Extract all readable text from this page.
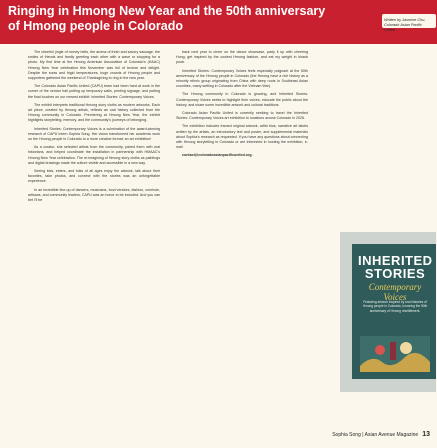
Ringing in Hmong New Year and the 50th anniversary of Hmong people in Colorado	Written by Jasmine Chu, Colorado Asian Pacific United

The cheerful jingle of money belts, the aroma of fresh and savory sausage, the smiles of friends and family greeting each other with a wave or stopping for a photo. My first time at the Hmong American Association of Colorado's (HAAC) Hmong New Year celebration this November was full of texture and delight. Despite the snow and frigid temperatures, huge crowds of Hmong people and supporters gathered the weekend of Thanksgiving to ring in the new year.

The Colorado Asian Pacific United (CAPU) team had been hard at work in the corner of the vendor hall putting up temporary walls, printing signage, and putting the final touches on our newest exhibit: Inherited Stories: Contemporary Voices.

The exhibit interprets traditional Hmong story cloths as modern artworks. Each art piece, created by Hmong artists, reflects an oral history collected from the Hmong community in Colorado. Premiering at Hmong New Year, the exhibit highlights storytelling, memory, and the community's journeys of belonging.

Inherited Stories: Contemporary Voices is a culmination of the award-winning research of CAPU intern Sophia Song. Her vision transformed her academic work on the Hmong people in Colorado to a more creative format: an art exhibition!

As a curator, she selected artists from the community, paired them with oral historians, and helped coordinate the installation in partnership with HMAAC's Hmong New Year celebration. The re-imagining of Hmong story cloths as paintings and digital drawings made the culture visible and accessible in a new way.

Seeing kids, elders, and folks of all ages enjoy the artwork, talk about their favorites, take photos, and connect with the stories was an unforgettable experience.

In an incredible line-up of dancers, musicians, food vendors, fashion, cornhole, artisans, and community leaders, CAPU was an honor to be included. And you can bet I'll be

back next year to cheer on the dance showcase, party it up with cheering Hong, get inspired by the coolest Hmong fashion, and eat my weight in khaub poob.

Inherited Stories: Contemporary Voices feels especially poignant at the 50th anniversary of the Hmong people in Colorado (the Hmong have a rich history as a minority ethnic group originating from China with deep roots in Southeast Asian countries, many settling in Colorado after the Vietnam War).

The Hmong community in Colorado is growing, and Inherited Stories: Contemporary Voices seeks to highlight their voices, educate the public about the history, and share some incredible artwork and cultural traditions.

Colorado Asian Pacific United is currently seeking to travel the Inherited Stories: Contemporary Voices art exhibition to locations across Colorado in 2026.

The exhibition includes framed original artwork, artist bios, narrative art labels written by the artists, an introductory text and poster, and supplemental materials about Sophia's research as requested. If you have any questions about connecting with Hmong storytelling in Colorado or are interested in hosting the exhibition, e-mail

contact@coloradoasianpacificunited.org.

INHERITED
STORIES
Contemporary Voices
Featuring artwork inspired by oral histories of Hmong people in Colorado, honoring the 50th anniversary of Hmong resettlement.
Sophia Song | Asian Avenue Magazine 13
